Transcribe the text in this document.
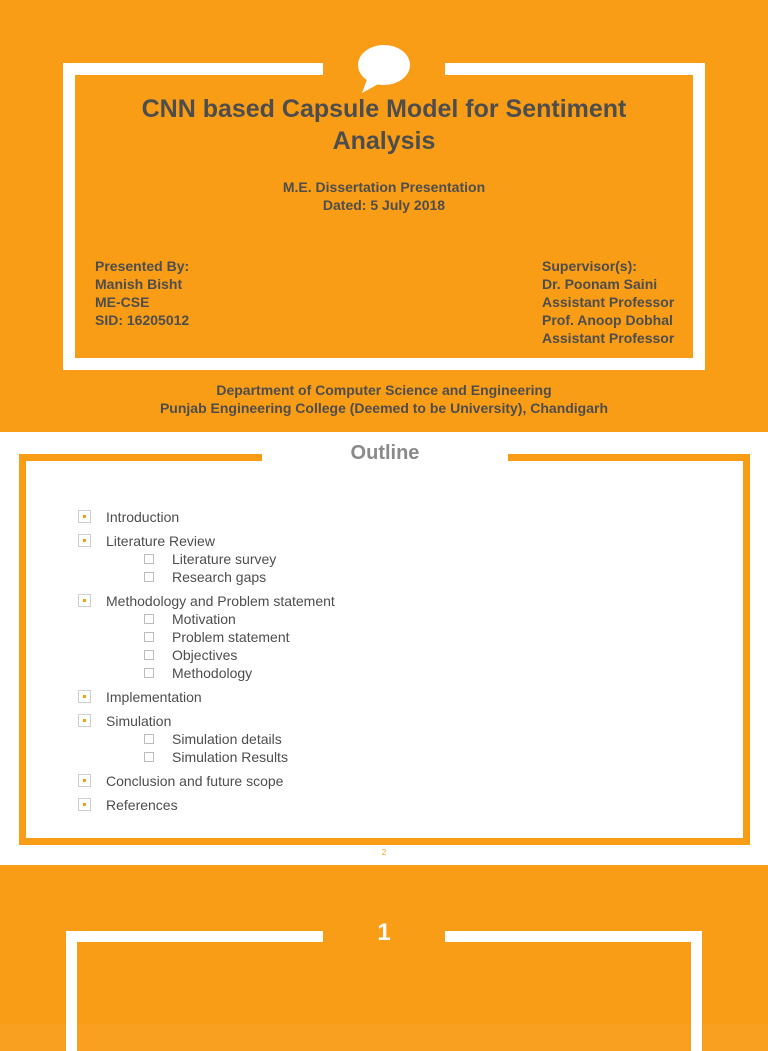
CNN based Capsule Model for Sentiment Analysis
M.E. Dissertation Presentation
Dated: 5 July 2018
Presented By:
Manish Bisht
ME-CSE
SID: 16205012
Supervisor(s):
Dr. Poonam Saini
Assistant Professor
Prof. Anoop Dobhal
Assistant Professor
Department of Computer Science and Engineering
Punjab Engineering College (Deemed to be University), Chandigarh
Outline
Introduction
Literature Review
Literature survey
Research gaps
Methodology and Problem statement
Motivation
Problem statement
Objectives
Methodology
Implementation
Simulation
Simulation details
Simulation Results
Conclusion and future scope
References
2
1
